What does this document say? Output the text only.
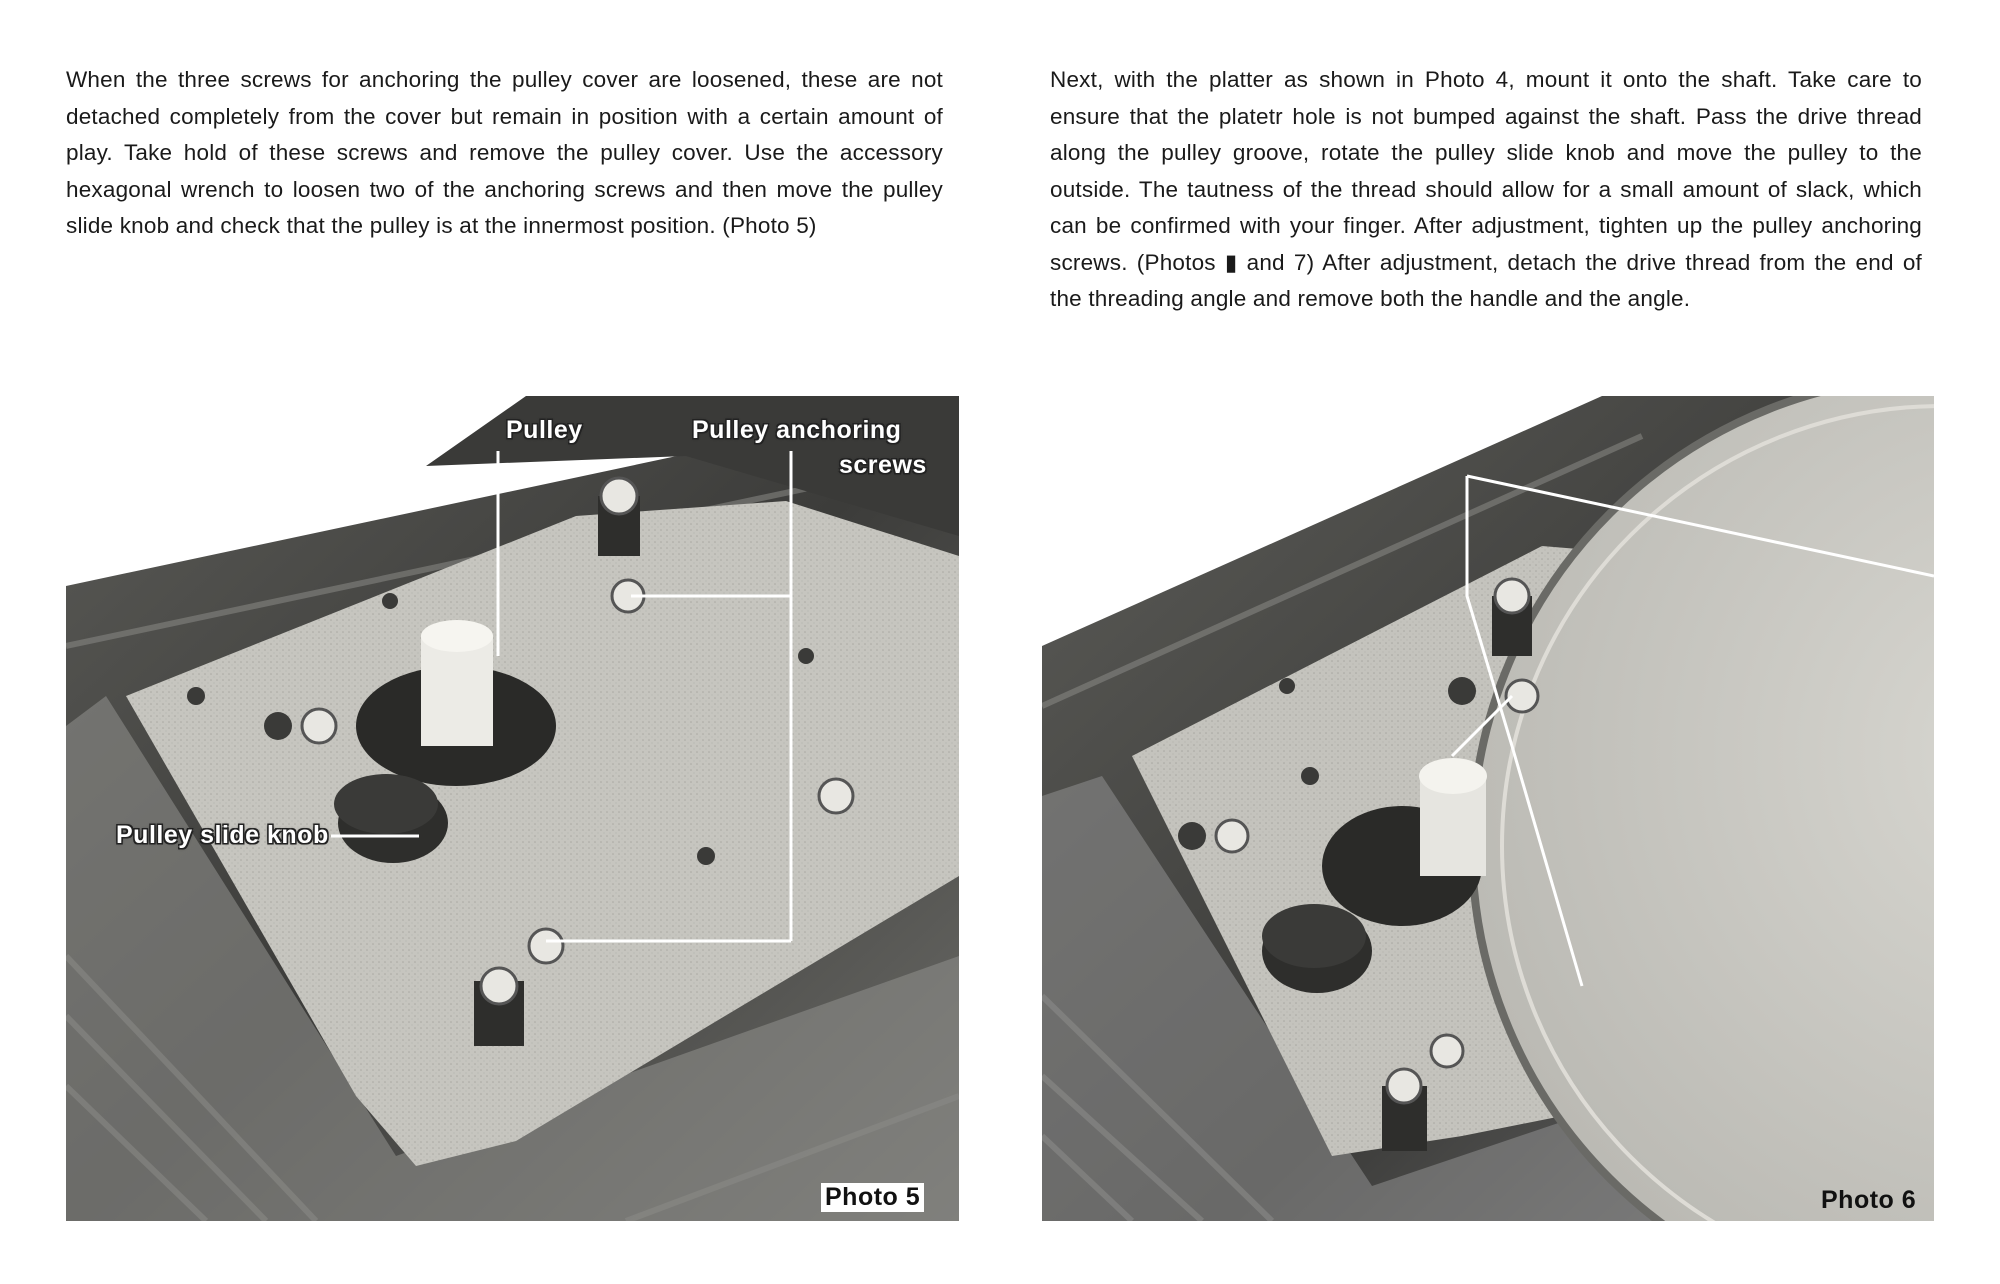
When the three screws for anchoring the pulley cover are loosened, these are not detached completely from the cover but remain in position with a certain amount of play. Take hold of these screws and remove the pulley cover. Use the accessory hexagonal wrench to loosen two of the anchoring screws and then move the pulley slide knob and check that the pulley is at the innermost position. (Photo 5)

Next, with the platter as shown in Photo 4, mount it onto the shaft. Take care to ensure that the platetr hole is not bumped against the shaft. Pass the drive thread along the pulley groove, rotate the pulley slide knob and move the pulley to the outside. The tautness of the thread should allow for a small amount of slack, which can be confirmed with your finger. After adjustment, tighten up the pulley anchoring screws. (Photos ▮ and 7) After adjustment, detach the drive thread from the end of the threading angle and remove both the handle and the angle.

Pulley	Pulley anchoring
screws
Pulley slide knob
Photo 5	Photo 6
